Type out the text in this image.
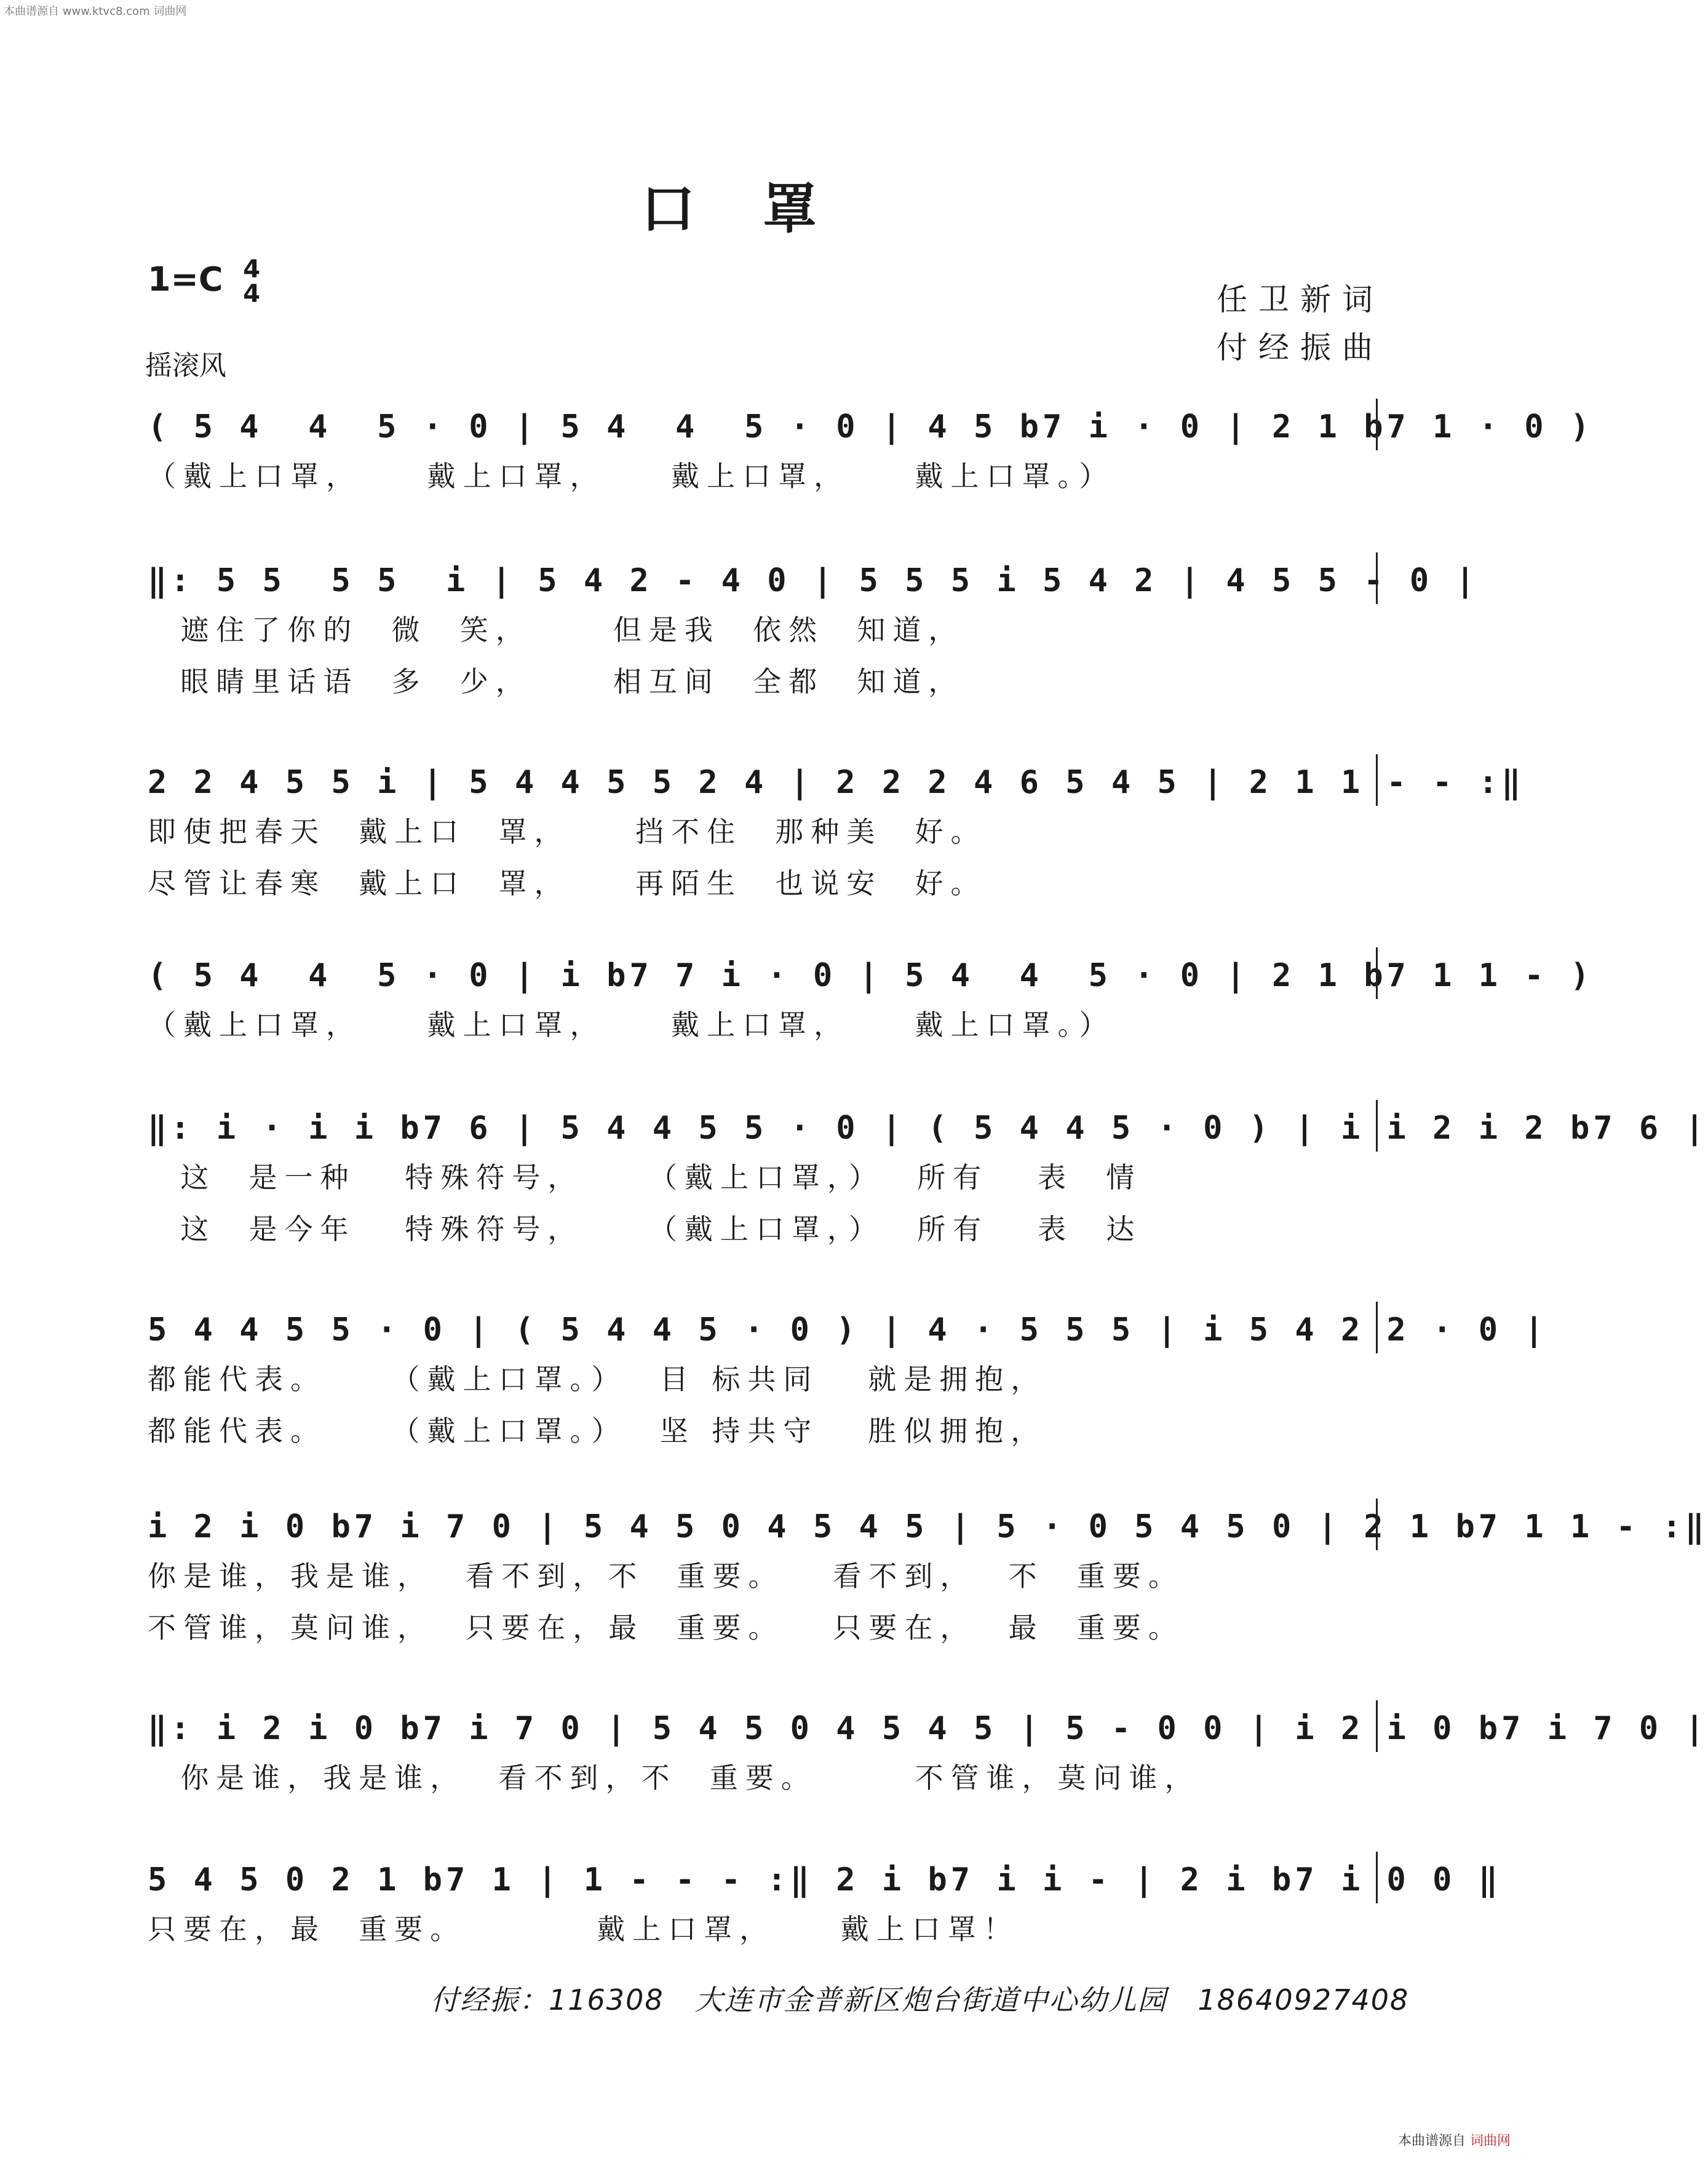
本曲谱源自 www.ktvc8.com 词曲网
口罩
1=C 4
4
摇滚风
任卫新词
付经振曲
( 5 4  4  5 · 0 | 5 4  4  5 · 0 | 4 5 b7 i · 0 | 2 1 b7 1 · 0 )
（戴上口罩，    戴上口罩，    戴上口罩，    戴上口罩。）
‖: 5 5  5 5  i | 5 4 2 - 4 0 | 5 5 5 i 5 4 2 | 4 5 5 - 0 |
遮住了你的  微  笑，     但是我  依然  知道，
眼睛里话语  多  少，     相互间  全都  知道，
2 2 4 5 5 i | 5 4 4 5 5 2 4 | 2 2 2 4 6 5 4 5 | 2 1 1 - - :‖
即使把春天  戴上口  罩，    挡不住  那种美  好。
尽管让春寒  戴上口  罩，    再陌生  也说安  好。
( 5 4  4  5 · 0 | i b7 7 i · 0 | 5 4  4  5 · 0 | 2 1 b7 1 1 - )
（戴上口罩，    戴上口罩，    戴上口罩，    戴上口罩。）
‖: i · i i b7 6 | 5 4 4 5 5 · 0 | ( 5 4 4 5 · 0 ) | i i 2 i 2 b7 6 |
这  是一种   特殊符号，    （戴上口罩，）  所有   表  情
这  是今年   特殊符号，    （戴上口罩，）  所有   表  达
5 4 4 5 5 · 0 | ( 5 4 4 5 · 0 ) | 4 · 5 5 5 | i 5 4 2 2 · 0 |
都能代表。    （戴上口罩。）  目 标共同   就是拥抱，
都能代表。    （戴上口罩。）  坚 持共守   胜似拥抱，
i 2 i 0 b7 i 7 0 | 5 4 5 0 4 5 4 5 | 5 · 0 5 4 5 0 | 2 1 b7 1 1 - :‖
你是谁，我是谁，  看不到，不  重要。   看不到，  不  重要。
不管谁，莫问谁，  只要在，最  重要。   只要在，  最  重要。
‖: i 2 i 0 b7 i 7 0 | 5 4 5 0 4 5 4 5 | 5 - 0 0 | i 2 i 0 b7 i 7 0 |
你是谁，我是谁，  看不到，不  重要。      不管谁，莫问谁，
5 4 5 0 2 1 b7 1 | 1 - - - :‖ 2 i b7 i i - | 2 i b7 i 0 0 ‖
只要在，最  重要。        戴上口罩，    戴上口罩！
付经振：116308   大连市金普新区炮台街道中心幼儿园   18640927408
本曲谱源自 词曲网
